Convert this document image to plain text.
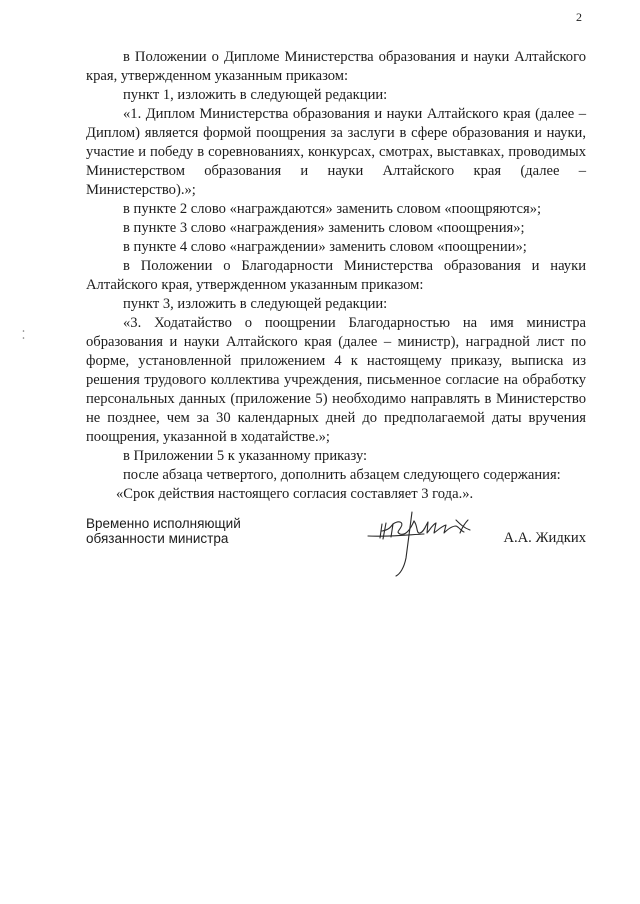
2

в Положении о Дипломе Министерства образования и науки Алтайского края, утвержденном указанным приказом:

пункт 1, изложить в следующей редакции:

«1. Диплом Министерства образования и науки Алтайского края (далее – Диплом) является формой поощрения за заслуги в сфере образования и науки, участие и победу в соревнованиях, конкурсах, смотрах, выставках, проводимых Министерством образования и науки Алтайского края (далее – Министерство).»;

в пункте 2 слово «награждаются» заменить словом «поощряются»;

в пункте 3 слово «награждения» заменить словом «поощрения»;

в пункте 4 слово «награждении» заменить словом «поощрении»;

в Положении о Благодарности Министерства образования и науки Алтайского края, утвержденном указанным приказом:

пункт 3, изложить в следующей редакции:

«3. Ходатайство о поощрении Благодарностью на имя министра образования и науки Алтайского края (далее – министр), наградной лист по форме, установленной приложением 4 к настоящему приказу, выписка из решения трудового коллектива учреждения, письменное согласие на обработку персональных данных (приложение 5) необходимо направлять в Министерство не позднее, чем за 30 календарных дней до предполагаемой даты вручения поощрения, указанной в ходатайстве.»;

в Приложении 5 к указанному приказу:

после абзаца четвертого, дополнить абзацем следующего содержания:

«Срок действия настоящего согласия составляет 3 года.».

Временно исполняющий
обязанности министра	А.А. Жидких
